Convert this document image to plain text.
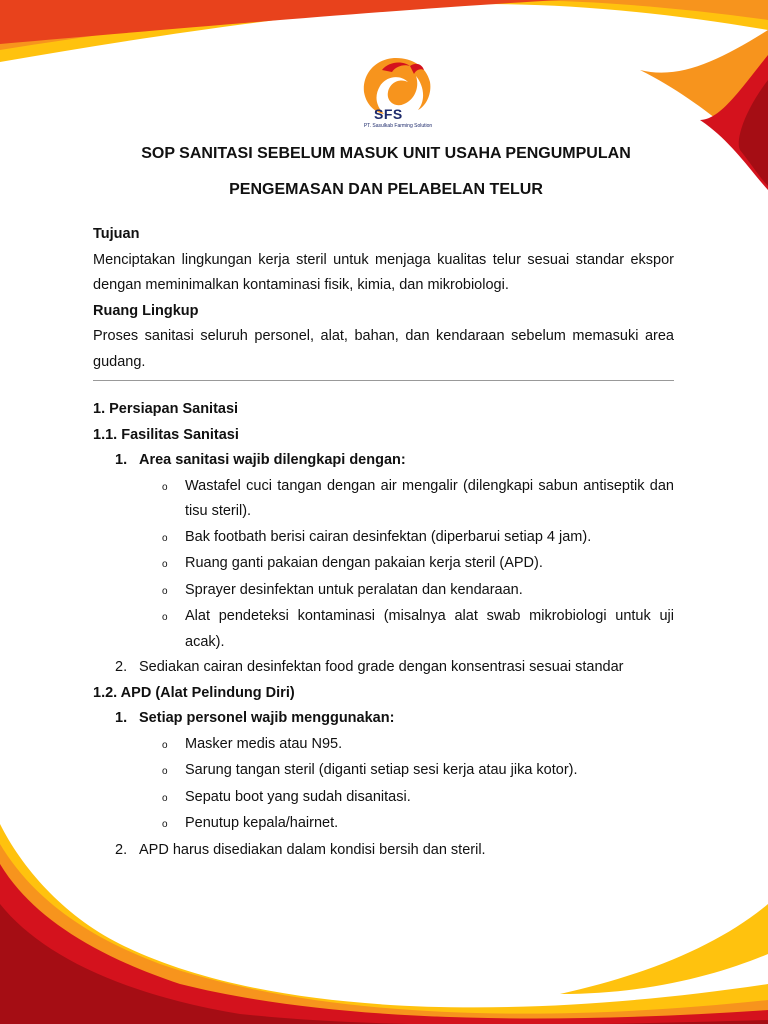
SFS
PT. Sasulkab Farming Solution
SOP SANITASI SEBELUM MASUK UNIT USAHA PENGUMPULAN
PENGEMASAN DAN PELABELAN TELUR

Tujuan

Menciptakan lingkungan kerja steril untuk menjaga kualitas telur sesuai standar ekspor dengan meminimalkan kontaminasi fisik, kimia, dan mikrobiologi.

Ruang Lingkup

Proses sanitasi seluruh personel, alat, bahan, dan kendaraan sebelum memasuki area gudang.

1. Persiapan Sanitasi

1.1. Fasilitas Sanitasi

1. Area sanitasi wajib dilengkapi dengan:
o	Wastafel cuci tangan dengan air mengalir (dilengkapi sabun antiseptik dan tisu steril).
o	Bak footbath berisi cairan desinfektan (diperbarui setiap 4 jam).
o	Ruang ganti pakaian dengan pakaian kerja steril (APD).
o	Sprayer desinfektan untuk peralatan dan kendaraan.
o	Alat pendeteksi kontaminasi (misalnya alat swab mikrobiologi untuk uji acak).
2. Sediakan cairan desinfektan food grade dengan konsentrasi sesuai standar

1.2. APD (Alat Pelindung Diri)

1. Setiap personel wajib menggunakan:
o	Masker medis atau N95.
o	Sarung tangan steril (diganti setiap sesi kerja atau jika kotor).
o	Sepatu boot yang sudah disanitasi.
o	Penutup kepala/hairnet.
2. APD harus disediakan dalam kondisi bersih dan steril.
